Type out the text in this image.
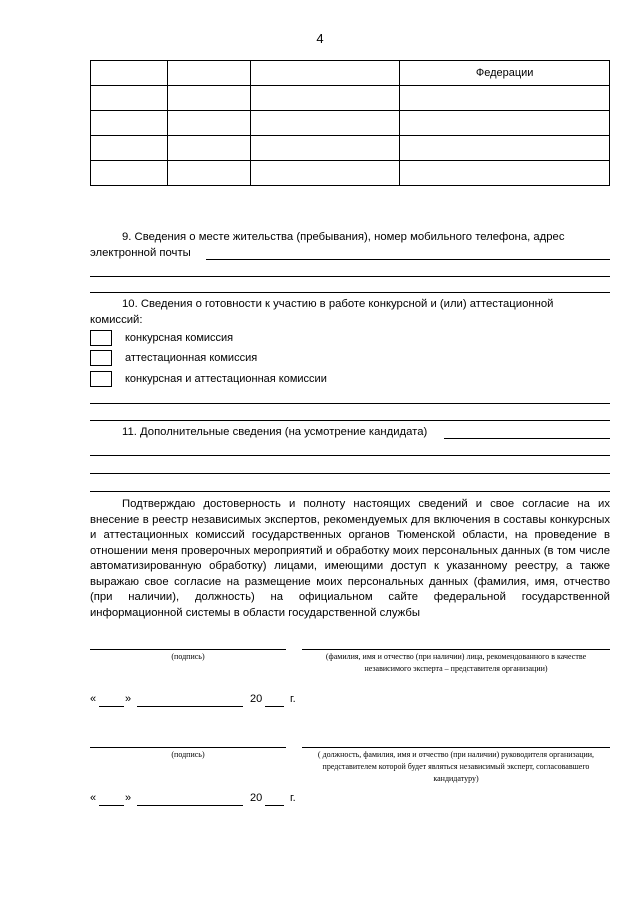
4
			Федерации

9. Сведения о месте жительства (пребывания), номер мобильного телефона, адрес
электронной почты
10. Сведения о готовности к участию в работе конкурсной и (или) аттестационной
комиссий:
конкурсная комиссия
аттестационная комиссия
конкурсная и аттестационная комиссии
11. Дополнительные сведения (на усмотрение кандидата)
Подтверждаю достоверность и полноту настоящих сведений и свое согласие на их внесение в реестр независимых экспертов, рекомендуемых для включения в составы конкурсных и аттестационных комиссий государственных органов Тюменской области, на проведение в отношении меня проверочных мероприятий и обработку моих персональных данных (в том числе автоматизированную обработку) лицами, имеющими доступ к указанному реестру, а также выражаю свое согласие на размещение моих персональных данных (фамилия, имя, отчество (при наличии), должность) на официальном сайте федеральной государственной информационной системы в области государственной службы
(подпись)	(фамилия, имя и отчество (при наличии) лица, рекомендованного в качестве независимого эксперта – представителя организации)
«	»	20	г.
(подпись)	( должность, фамилия, имя и отчество (при наличии) руководителя организации, представителем которой будет являться независимый эксперт, согласовавшего кандидатуру)
«	»	20	г.
